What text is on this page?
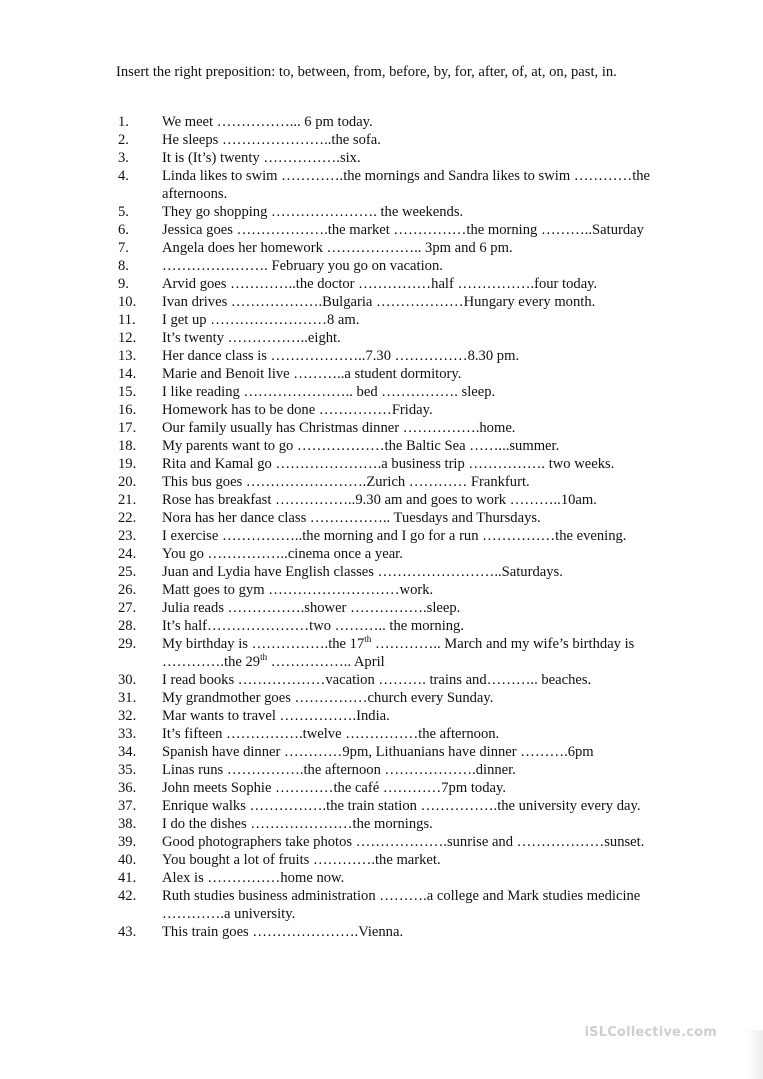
Insert the right preposition: to, between, from, before, by, for, after, of, at, on, past, in.
1.	We meet ……………... 6 pm today.
2.	He sleeps …………………..the sofa.
3.	It is (It’s) twenty …………….six.
4.	Linda likes to swim ………….the mornings and Sandra likes to swim …………the afternoons.
5.	They go shopping …………………. the weekends.
6.	Jessica goes ……………….the market ……………the morning ………..Saturday
7.	Angela does her homework ……………….. 3pm and 6 pm.
8.	…………………. February you go on vacation.
9.	Arvid goes …………..the doctor ……………half …………….four today.
10.	Ivan drives ……………….Bulgaria ………………Hungary every month.
11.	I get up ……………………8 am.
12.	It’s twenty ……………..eight.
13.	Her dance class is ………………..7.30 ……………8.30 pm.
14.	Marie and Benoit live ………..a student dormitory.
15.	I like reading ………………….. bed ……………. sleep.
16.	Homework has to be done ……………Friday.
17.	Our family usually has Christmas dinner …………….home.
18.	My parents want to go ………………the Baltic Sea ……...summer.
19.	Rita and Kamal go ………………….a business trip ……………. two weeks.
20.	This bus goes …………………….Zurich ………… Frankfurt.
21.	Rose has breakfast ……………..9.30 am and goes to work ………..10am.
22.	Nora has her dance class …………….. Tuesdays and Thursdays.
23.	I exercise ……………..the morning and I go for a run ……………the evening.
24.	You go ……………..cinema once a year.
25.	Juan and Lydia have English classes ……………………..Saturdays.
26.	Matt goes to gym ………………………work.
27.	Julia reads …………….shower …………….sleep.
28.	It’s half…………………two ……….. the morning.
29.	My birthday is …………….the 17th ………….. March and my wife’s birthday is ………….the 29th …………….. April
30.	I read books ………………vacation ………. trains and……….. beaches.
31.	My grandmother goes ……………church every Sunday.
32.	Mar wants to travel …………….India.
33.	It’s fifteen …………….twelve ……………the afternoon.
34.	Spanish have dinner …………9pm, Lithuanians have dinner ……….6pm
35.	Linas runs …………….the afternoon ……………….dinner.
36.	John meets Sophie …………the café …………7pm today.
37.	Enrique walks …………….the train station …………….the university every day.
38.	I do the dishes …………………the mornings.
39.	Good photographers take photos ……………….sunrise and ………………sunset.
40.	You bought a lot of fruits ………….the market.
41.	Alex is ……………home now.
42.	Ruth studies business administration ……….a college and Mark studies medicine ………….a university.
43.	This train goes ………………….Vienna.
iSLCollective.com
